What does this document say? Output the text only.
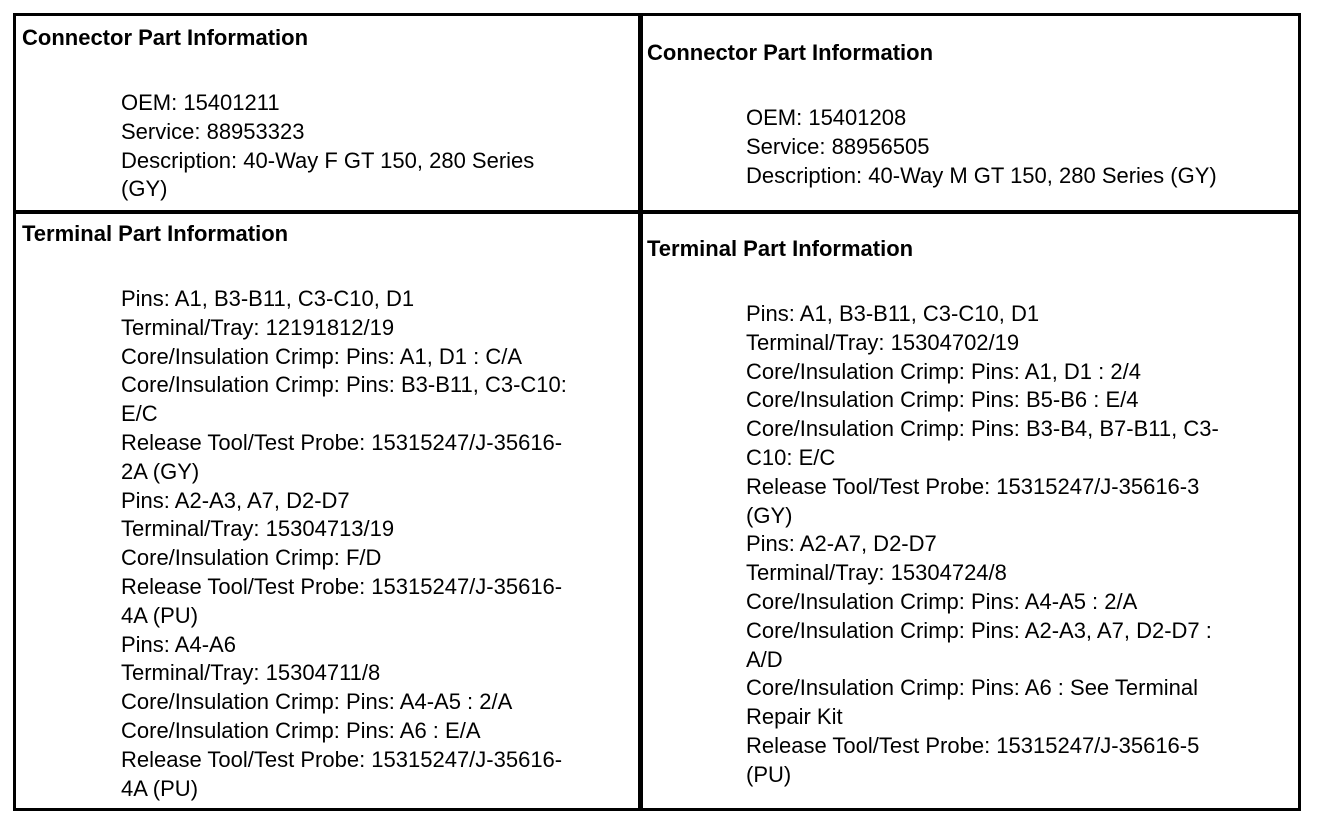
Connector Part Information

OEM: 15401211
Service: 88953323
Description: 40-Way F GT 150, 280 Series
(GY)

Connector Part Information

OEM: 15401208
Service: 88956505
Description: 40-Way M GT 150, 280 Series (GY)

Terminal Part Information

Pins: A1, B3-B11, C3-C10, D1
Terminal/Tray: 12191812/19
Core/Insulation Crimp: Pins: A1, D1 : C/A
Core/Insulation Crimp: Pins: B3-B11, C3-C10:
E/C
Release Tool/Test Probe: 15315247/J-35616-
2A (GY)
Pins: A2-A3, A7, D2-D7
Terminal/Tray: 15304713/19
Core/Insulation Crimp: F/D
Release Tool/Test Probe: 15315247/J-35616-
4A (PU)
Pins: A4-A6
Terminal/Tray: 15304711/8
Core/Insulation Crimp: Pins: A4-A5 : 2/A
Core/Insulation Crimp: Pins: A6 : E/A
Release Tool/Test Probe: 15315247/J-35616-
4A (PU)

Terminal Part Information

Pins: A1, B3-B11, C3-C10, D1
Terminal/Tray: 15304702/19
Core/Insulation Crimp: Pins: A1, D1 : 2/4
Core/Insulation Crimp: Pins: B5-B6 : E/4
Core/Insulation Crimp: Pins: B3-B4, B7-B11, C3-
C10: E/C
Release Tool/Test Probe: 15315247/J-35616-3
(GY)
Pins: A2-A7, D2-D7
Terminal/Tray: 15304724/8
Core/Insulation Crimp: Pins: A4-A5 : 2/A
Core/Insulation Crimp: Pins: A2-A3, A7, D2-D7 :
A/D
Core/Insulation Crimp: Pins: A6 : See Terminal
Repair Kit
Release Tool/Test Probe: 15315247/J-35616-5
(PU)
